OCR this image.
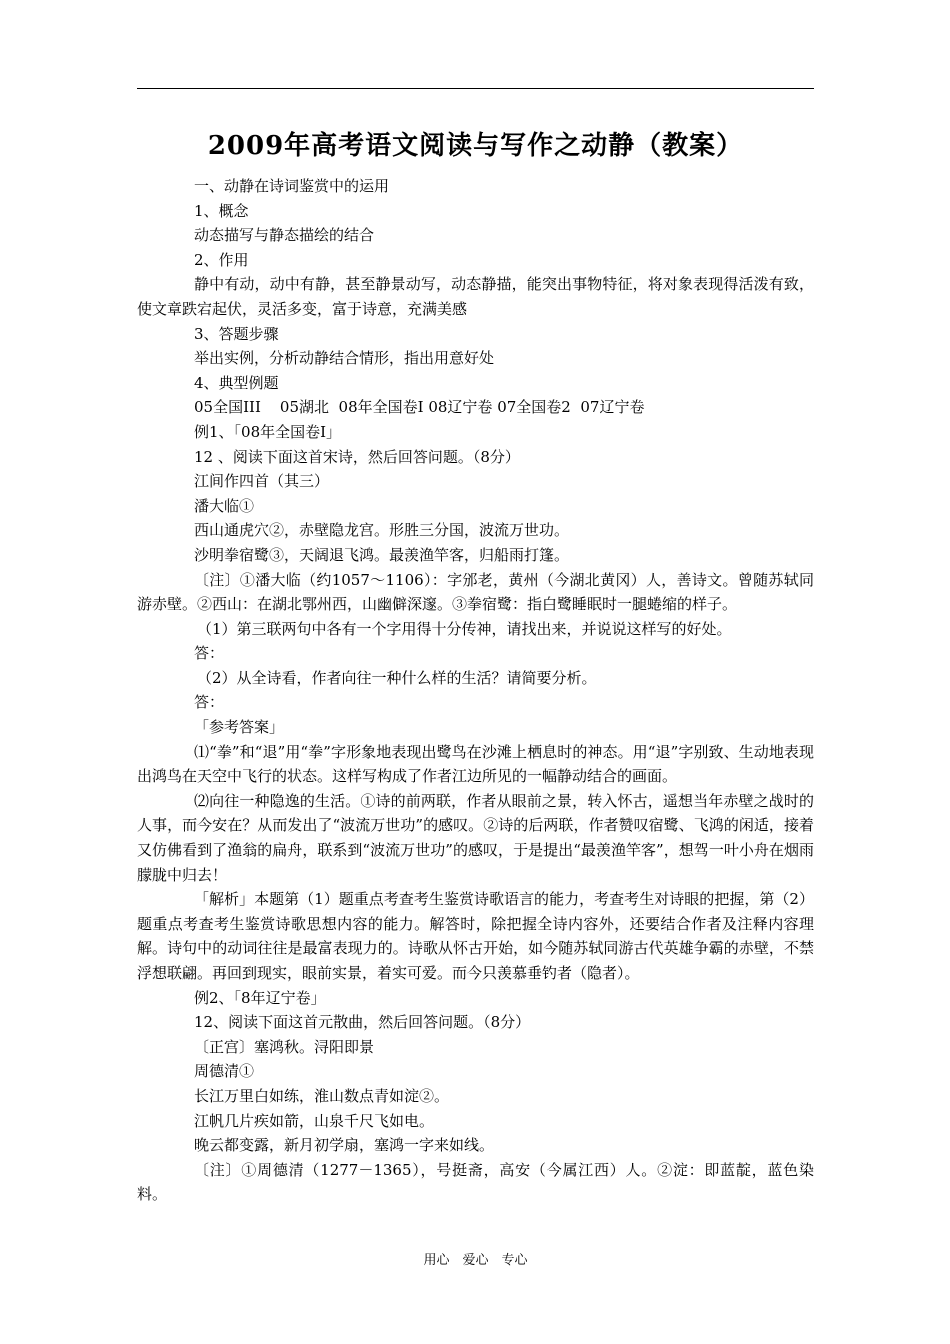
2009年高考语文阅读与写作之动静（教案）

一、动静在诗词鉴赏中的运用

1、概念

动态描写与静态描绘的结合

2、作用

静中有动，动中有静，甚至静景动写，动态静描，能突出事物特征，将对象表现得活泼有致，使文章跌宕起伏，灵活多变，富于诗意，充满美感

3、答题步骤

举出实例，分析动静结合情形，指出用意好处

4、典型例题

05全国III    05湖北  08年全国卷Ⅰ 08辽宁卷 07全国卷2  07辽宁卷

例1、「08年全国卷Ⅰ」

12 、阅读下面这首宋诗，然后回答问题。（8分）

江间作四首（其三）

潘大临①

西山通虎穴②，赤壁隐龙宫。形胜三分国，波流万世功。

沙明拳宿鹭③，天阔退飞鸿。最羡渔竿客，归船雨打篷。

〔注〕①潘大临（约1057～1106）：字邠老，黄州（今湖北黄冈）人，善诗文。曾随苏轼同游赤壁。②西山：在湖北鄂州西，山幽僻深邃。③拳宿鹭：指白鹭睡眠时一腿蜷缩的样子。

（1）第三联两句中各有一个字用得十分传神，请找出来，并说说这样写的好处。

答：

（2）从全诗看，作者向往一种什么样的生活？请简要分析。

答：

「参考答案」

⑴“拳”和“退”用“拳”字形象地表现出鹭鸟在沙滩上栖息时的神态。用“退”字别致、生动地表现出鸿鸟在天空中飞行的状态。这样写构成了作者江边所见的一幅静动结合的画面。

⑵向往一种隐逸的生活。①诗的前两联，作者从眼前之景，转入怀古，遥想当年赤壁之战时的人事，而今安在？从而发出了“波流万世功”的感叹。②诗的后两联，作者赞叹宿鹭、飞鸿的闲适，接着又仿佛看到了渔翁的扁舟，联系到“波流万世功”的感叹，于是提出“最羡渔竿客”，想驾一叶小舟在烟雨朦胧中归去！

「解析」本题第（1）题重点考查考生鉴赏诗歌语言的能力，考查考生对诗眼的把握，第（2）题重点考查考生鉴赏诗歌思想内容的能力。解答时，除把握全诗内容外，还要结合作者及注释内容理解。诗句中的动词往往是最富表现力的。诗歌从怀古开始，如今随苏轼同游古代英雄争霸的赤壁，不禁浮想联翩。再回到现实，眼前实景，着实可爱。而今只羡慕垂钓者（隐者）。

例2、「8年辽宁卷」

12、阅读下面这首元散曲，然后回答问题。（8分）

〔正宫〕塞鸿秋。浔阳即景

周德清①

长江万里白如练，淮山数点青如淀②。

江帆几片疾如箭，山泉千尺飞如电。

晚云都变露，新月初学扇，塞鸿一字来如线。

〔注〕①周德清（1277－1365），号挺斋，高安（今属江西）人。②淀：即蓝靛，蓝色染料。

用心　爱心　专心
